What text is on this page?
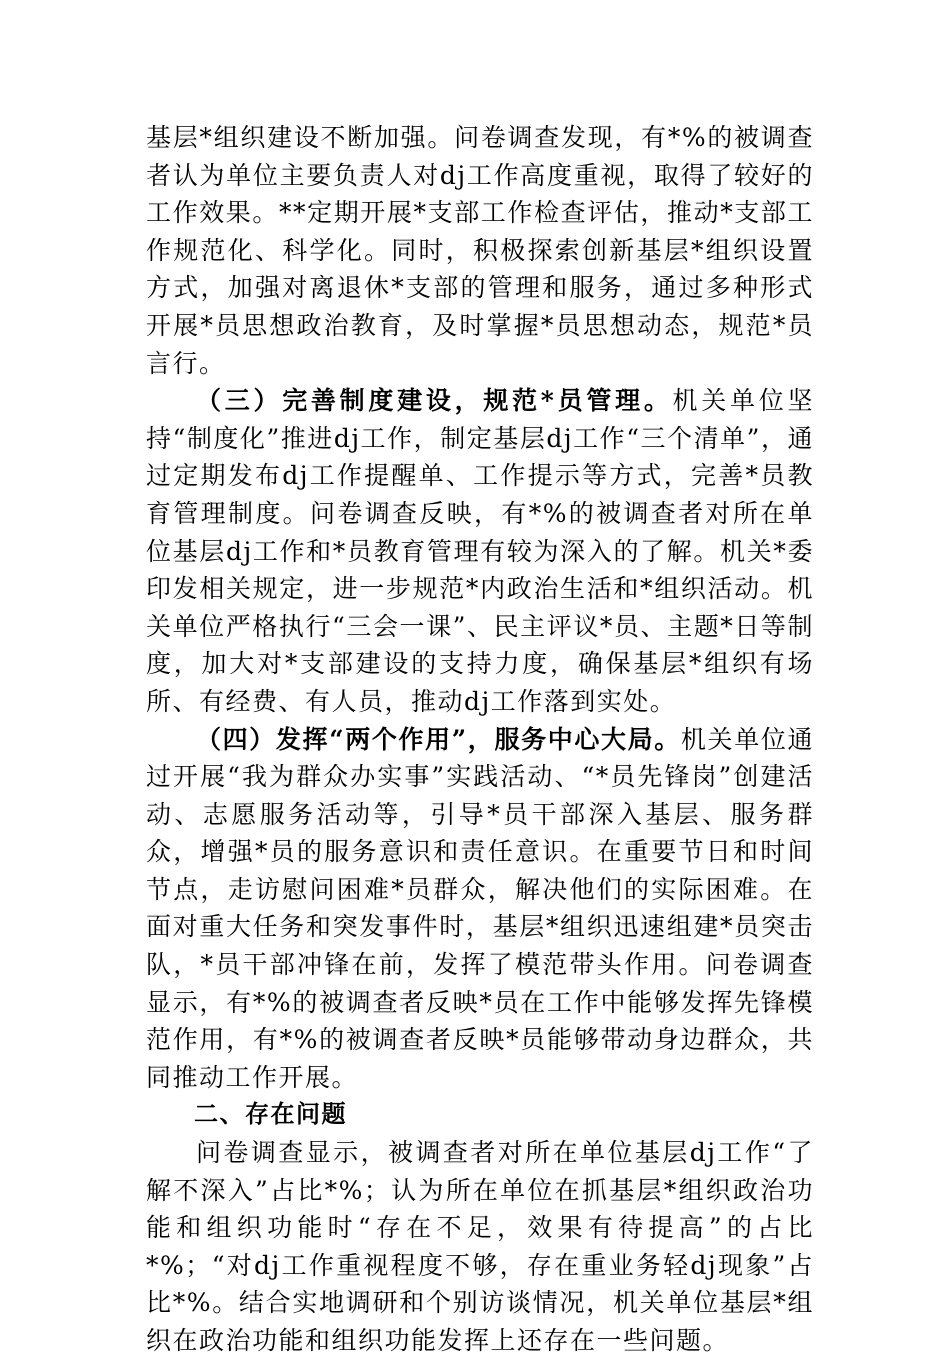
基层*组织建设不断加强。问卷调查发现，有*%的被调查者认为单位主要负责人对dj工作高度重视，取得了较好的工作效果。**定期开展*支部工作检查评估，推动*支部工作规范化、科学化。同时，积极探索创新基层*组织设置方式，加强对离退休*支部的管理和服务，通过多种形式开展*员思想政治教育，及时掌握*员思想动态，规范*员言行。

（三）完善制度建设，规范*员管理。机关单位坚持“制度化”推进dj工作，制定基层dj工作“三个清单”，通过定期发布dj工作提醒单、工作提示等方式，完善*员教育管理制度。问卷调查反映，有*%的被调查者对所在单位基层dj工作和*员教育管理有较为深入的了解。机关*委印发相关规定，进一步规范*内政治生活和*组织活动。机关单位严格执行“三会一课”、民主评议*员、主题*日等制度，加大对*支部建设的支持力度，确保基层*组织有场所、有经费、有人员，推动dj工作落到实处。

（四）发挥“两个作用”，服务中心大局。机关单位通过开展“我为群众办实事”实践活动、“*员先锋岗”创建活动、志愿服务活动等，引导*员干部深入基层、服务群众，增强*员的服务意识和责任意识。在重要节日和时间节点，走访慰问困难*员群众，解决他们的实际困难。在面对重大任务和突发事件时，基层*组织迅速组建*员突击队，*员干部冲锋在前，发挥了模范带头作用。问卷调查显示，有*%的被调查者反映*员在工作中能够发挥先锋模范作用，有*%的被调查者反映*员能够带动身边群众，共同推动工作开展。

二、存在问题

问卷调查显示，被调查者对所在单位基层dj工作“了解不深入”占比*%；认为所在单位在抓基层*组织政治功能和组织功能时“存在不足，效果有待提高”的占比*%；“对dj工作重视程度不够，存在重业务轻dj现象”占比*%。结合实地调研和个别访谈情况，机关单位基层*组织在政治功能和组织功能发挥上还存在一些问题。
